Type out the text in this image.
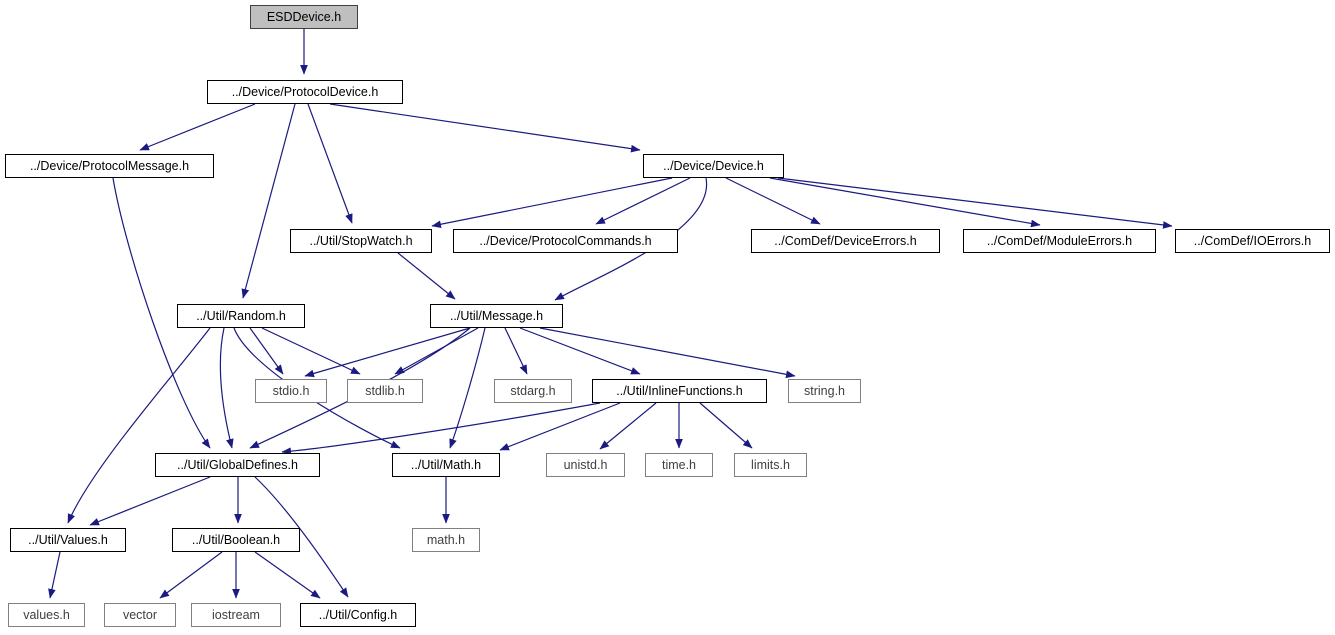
ESDDevice.h
../Device/ProtocolDevice.h
../Device/ProtocolMessage.h	../Device/Device.h
../Util/StopWatch.h	../Device/ProtocolCommands.h	../ComDef/DeviceErrors.h	../ComDef/ModuleErrors.h	../ComDef/IOErrors.h
../Util/Random.h	../Util/Message.h
stdio.h	stdlib.h	stdarg.h	../Util/InlineFunctions.h	string.h
../Util/GlobalDefines.h	../Util/Math.h	unistd.h	time.h	limits.h
../Util/Values.h	../Util/Boolean.h	math.h
values.h	vector	iostream	../Util/Config.h
